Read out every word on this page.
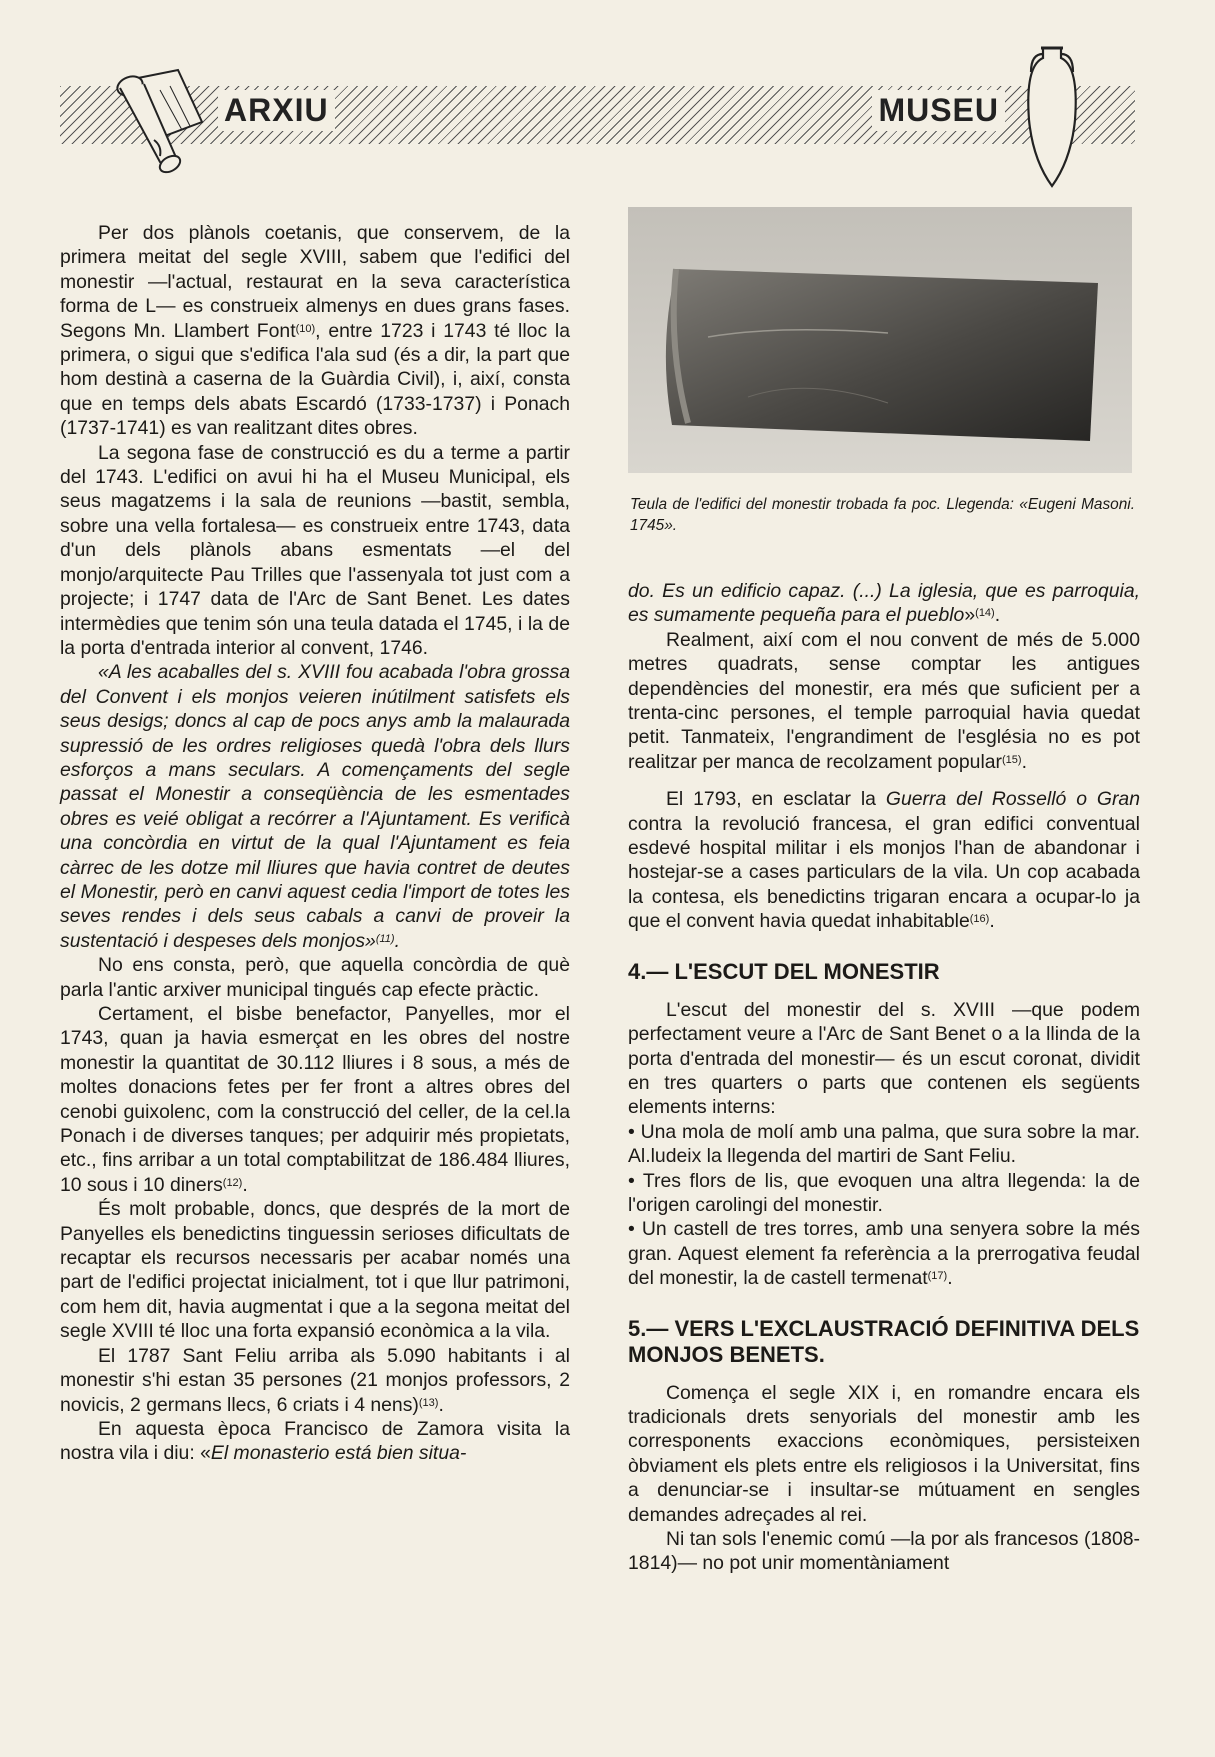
ARXIU	MUSEU
Teula de l'edifici del monestir trobada fa poc. Llegenda: «Eugeni Masoni. 1745».

Per dos plànols coetanis, que conservem, de la primera meitat del segle XVIII, sabem que l'edifici del monestir —l'actual, restaurat en la seva característica forma de L— es construeix almenys en dues grans fases. Segons Mn. Llambert Font$^{(10)}$, entre 1723 i 1743 té lloc la primera, o sigui que s'edifica l'ala sud (és a dir, la part que hom destinà a caserna de la Guàrdia Civil), i, així, consta que en temps dels abats Escardó (1733-1737) i Ponach (1737-1741) es van realitzant dites obres.

La segona fase de construcció es du a terme a partir del 1743. L'edifici on avui hi ha el Museu Municipal, els seus magatzems i la sala de reunions —bastit, sembla, sobre una vella fortalesa— es construeix entre 1743, data d'un dels plànols abans esmentats —el del monjo/arquitecte Pau Trilles que l'assenyala tot just com a projecte; i 1747 data de l'Arc de Sant Benet. Les dates intermèdies que tenim són una teula datada el 1745, i la de la porta d'entrada interior al convent, 1746.

«A les acaballes del s. XVIII fou acabada l'obra grossa del Convent i els monjos veieren inútilment satisfets els seus desigs; doncs al cap de pocs anys amb la malaurada supressió de les ordres religioses quedà l'obra dels llurs esforços a mans seculars. A començaments del segle passat el Monestir a conseqüència de les esmentades obres es veié obligat a recórrer a l'Ajuntament. Es verificà una concòrdia en virtut de la qual l'Ajuntament es feia càrrec de les dotze mil lliures que havia contret de deutes el Monestir, però en canvi aquest cedia l'import de totes les seves rendes i dels seus cabals a canvi de proveir la sustentació i despeses dels monjos»$^{(11)}$.

No ens consta, però, que aquella concòrdia de què parla l'antic arxiver municipal tingués cap efecte pràctic.

Certament, el bisbe benefactor, Panyelles, mor el 1743, quan ja havia esmerçat en les obres del nostre monestir la quantitat de 30.112 lliures i 8 sous, a més de moltes donacions fetes per fer front a altres obres del cenobi guixolenc, com la construcció del celler, de la cel.la Ponach i de diverses tanques; per adquirir més propietats, etc., fins arribar a un total comptabilitzat de 186.484 lliures, 10 sous i 10 diners$^{(12)}$.

És molt probable, doncs, que després de la mort de Panyelles els benedictins tinguessin serioses dificultats de recaptar els recursos necessaris per acabar només una part de l'edifici projectat inicialment, tot i que llur patrimoni, com hem dit, havia augmentat i que a la segona meitat del segle XVIII té lloc una forta expansió econòmica a la vila.

El 1787 Sant Feliu arriba als 5.090 habitants i al monestir s'hi estan 35 persones (21 monjos professors, 2 novicis, 2 germans llecs, 6 criats i 4 nens)$^{(13)}$.

En aquesta època Francisco de Zamora visita la nostra vila i diu: «El monasterio está bien situa-

do. Es un edificio capaz. (...) La iglesia, que es parroquia, es sumamente pequeña para el pueblo»$^{(14)}$.

Realment, així com el nou convent de més de 5.000 metres quadrats, sense comptar les antigues dependències del monestir, era més que suficient per a trenta-cinc persones, el temple parroquial havia quedat petit. Tanmateix, l'engrandiment de l'església no es pot realitzar per manca de recolzament popular$^{(15)}$.

El 1793, en esclatar la Guerra del Rosselló o Gran contra la revolució francesa, el gran edifici conventual esdevé hospital militar i els monjos l'han de abandonar i hostejar-se a cases particulars de la vila. Un cop acabada la contesa, els benedictins trigaran encara a ocupar-lo ja que el convent havia quedat inhabitable$^{(16)}$.

4.— L'ESCUT DEL MONESTIR

L'escut del monestir del s. XVIII —que podem perfectament veure a l'Arc de Sant Benet o a la llinda de la porta d'entrada del monestir— és un escut coronat, dividit en tres quarters o parts que contenen els següents elements interns:

• Una mola de molí amb una palma, que sura sobre la mar. Al.ludeix la llegenda del martiri de Sant Feliu.

• Tres flors de lis, que evoquen una altra llegenda: la de l'origen carolingi del monestir.

• Un castell de tres torres, amb una senyera sobre la més gran. Aquest element fa referència a la prerrogativa feudal del monestir, la de castell termenat$^{(17)}$.

5.— VERS L'EXCLAUSTRACIÓ DEFINITIVA DELS MONJOS BENETS.

Comença el segle XIX i, en romandre encara els tradicionals drets senyorials del monestir amb les corresponents exaccions econòmiques, persisteixen òbviament els plets entre els religiosos i la Universitat, fins a denunciar-se i insultar-se mútuament en sengles demandes adreçades al rei.

Ni tan sols l'enemic comú —la por als francesos (1808-1814)— no pot unir momentàniament
